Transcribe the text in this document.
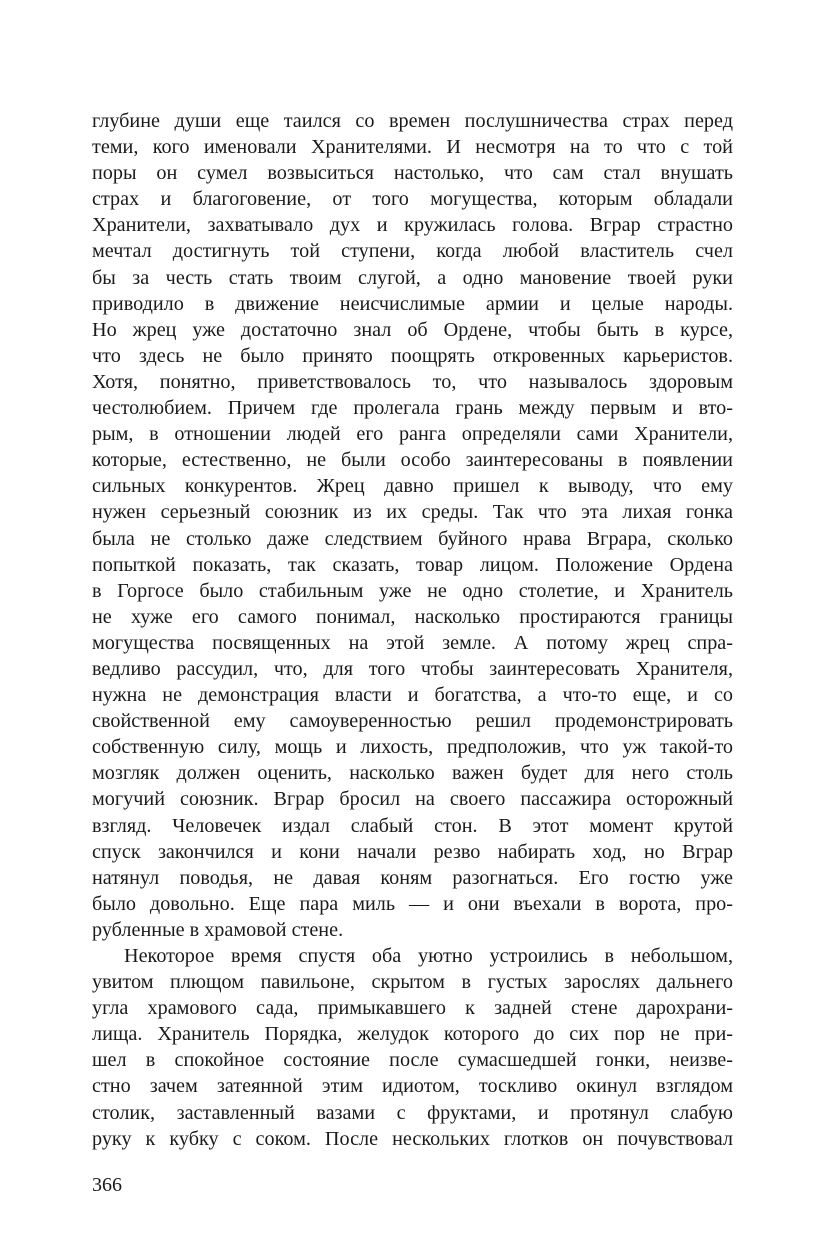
глубине души еще таился со времен послушничества страх перед
теми, кого именовали Хранителями. И несмотря на то что с той
поры он сумел возвыситься настолько, что сам стал внушать
страх и благоговение, от того могущества, которым обладали
Хранители, захватывало дух и кружилась голова. Вграр страстно
мечтал достигнуть той ступени, когда любой властитель счел
бы за честь стать твоим слугой, а одно мановение твоей руки
приводило в движение неисчислимые армии и целые народы.
Но жрец уже достаточно знал об Ордене, чтобы быть в курсе,
что здесь не было принято поощрять откровенных карьеристов.
Хотя, понятно, приветствовалось то, что называлось здоровым
честолюбием. Причем где пролегала грань между первым и вто-
рым, в отношении людей его ранга определяли сами Хранители,
которые, естественно, не были особо заинтересованы в появлении
сильных конкурентов. Жрец давно пришел к выводу, что ему
нужен серьезный союзник из их среды. Так что эта лихая гонка
была не столько даже следствием буйного нрава Вграра, сколько
попыткой показать, так сказать, товар лицом. Положение Ордена
в Горгосе было стабильным уже не одно столетие, и Хранитель
не хуже его самого понимал, насколько простираются границы
могущества посвященных на этой земле. А потому жрец спра-
ведливо рассудил, что, для того чтобы заинтересовать Хранителя,
нужна не демонстрация власти и богатства, а что-то еще, и со
свойственной ему самоуверенностью решил продемонстрировать
собственную силу, мощь и лихость, предположив, что уж такой-то
мозгляк должен оценить, насколько важен будет для него столь
могучий союзник. Вграр бросил на своего пассажира осторожный
взгляд. Человечек издал слабый стон. В этот момент крутой
спуск закончился и кони начали резво набирать ход, но Вграр
натянул поводья, не давая коням разогнаться. Его гостю уже
было довольно. Еще пара миль — и они въехали в ворота, про-
рубленные в храмовой стене.
Некоторое время спустя оба уютно устроились в небольшом,
увитом плющом павильоне, скрытом в густых зарослях дальнего
угла храмового сада, примыкавшего к задней стене дарохрани-
лища. Хранитель Порядка, желудок которого до сих пор не при-
шел в спокойное состояние после сумасшедшей гонки, неизве-
стно зачем затеянной этим идиотом, тоскливо окинул взглядом
столик, заставленный вазами с фруктами, и протянул слабую
руку к кубку с соком. После нескольких глотков он почувствовал
366
